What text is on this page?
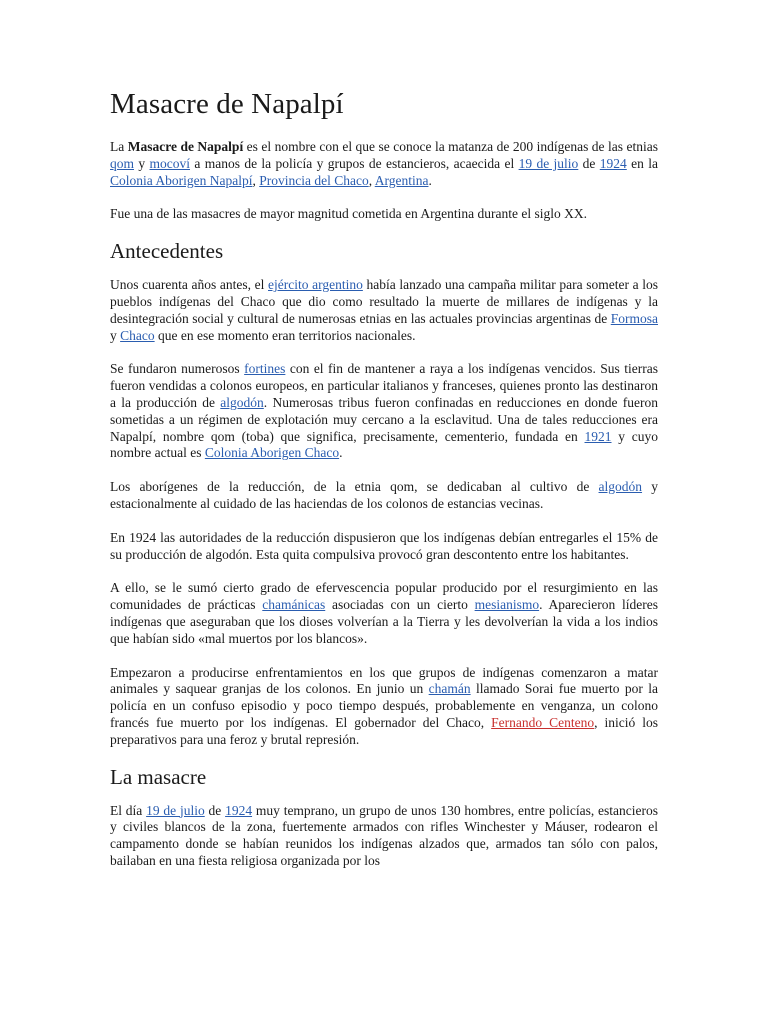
Masacre de Napalpí

La Masacre de Napalpí es el nombre con el que se conoce la matanza de 200 indígenas de las etnias qom y mocoví a manos de la policía y grupos de estancieros, acaecida el 19 de julio de 1924 en la Colonia Aborigen Napalpí, Provincia del Chaco, Argentina.

Fue una de las masacres de mayor magnitud cometida en Argentina durante el siglo XX.

Antecedentes

Unos cuarenta años antes, el ejército argentino había lanzado una campaña militar para someter a los pueblos indígenas del Chaco que dio como resultado la muerte de millares de indígenas y la desintegración social y cultural de numerosas etnias en las actuales provincias argentinas de Formosa y Chaco que en ese momento eran territorios nacionales.

Se fundaron numerosos fortines con el fin de mantener a raya a los indígenas vencidos. Sus tierras fueron vendidas a colonos europeos, en particular italianos y franceses, quienes pronto las destinaron a la producción de algodón. Numerosas tribus fueron confinadas en reducciones en donde fueron sometidas a un régimen de explotación muy cercano a la esclavitud. Una de tales reducciones era Napalpí, nombre qom (toba) que significa, precisamente, cementerio, fundada en 1921 y cuyo nombre actual es Colonia Aborigen Chaco.

Los aborígenes de la reducción, de la etnia qom, se dedicaban al cultivo de algodón y estacionalmente al cuidado de las haciendas de los colonos de estancias vecinas.

En 1924 las autoridades de la reducción dispusieron que los indígenas debían entregarles el 15% de su producción de algodón. Esta quita compulsiva provocó gran descontento entre los habitantes.

A ello, se le sumó cierto grado de efervescencia popular producido por el resurgimiento en las comunidades de prácticas chamánicas asociadas con un cierto mesianismo. Aparecieron líderes indígenas que aseguraban que los dioses volverían a la Tierra y les devolverían la vida a los indios que habían sido «mal muertos por los blancos».

Empezaron a producirse enfrentamientos en los que grupos de indígenas comenzaron a matar animales y saquear granjas de los colonos. En junio un chamán llamado Sorai fue muerto por la policía en un confuso episodio y poco tiempo después, probablemente en venganza, un colono francés fue muerto por los indígenas. El gobernador del Chaco, Fernando Centeno, inició los preparativos para una feroz y brutal represión.

La masacre

El día 19 de julio de 1924 muy temprano, un grupo de unos 130 hombres, entre policías, estancieros y civiles blancos de la zona, fuertemente armados con rifles Winchester y Máuser, rodearon el campamento donde se habían reunidos los indígenas alzados que, armados tan sólo con palos, bailaban en una fiesta religiosa organizada por los
